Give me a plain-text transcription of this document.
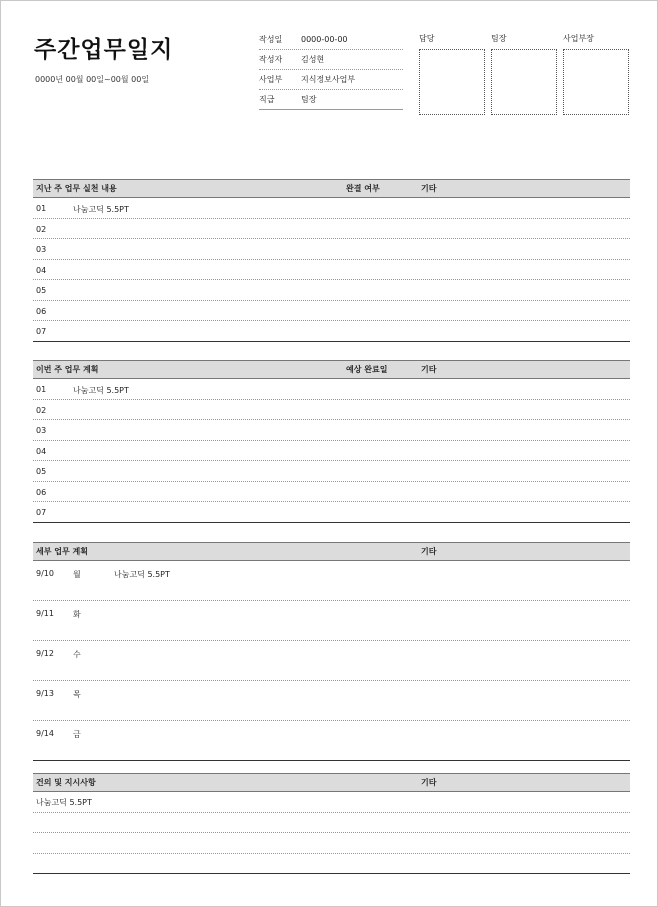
주간업무일지
0000년 00월 00일~00월 00일
작성일	0000-00-00
작성자	김성현
사업부	지식정보사업부
직급	팀장
담당	팀장	사업부장
지난 주 업무 실천 내용	완결 여부	기타
01	나눔고딕 5.5PT
02
03
04
05
06
07
이번 주 업무 계획	예상 완료일	기타
01	나눔고딕 5.5PT
02
03
04
05
06
07
세부 업무 계획	기타
9/10 월	나눔고딕 5.5PT
9/11 화
9/12 수
9/13 목
9/14 금
건의 및 지시사항	기타
나눔고딕 5.5PT
